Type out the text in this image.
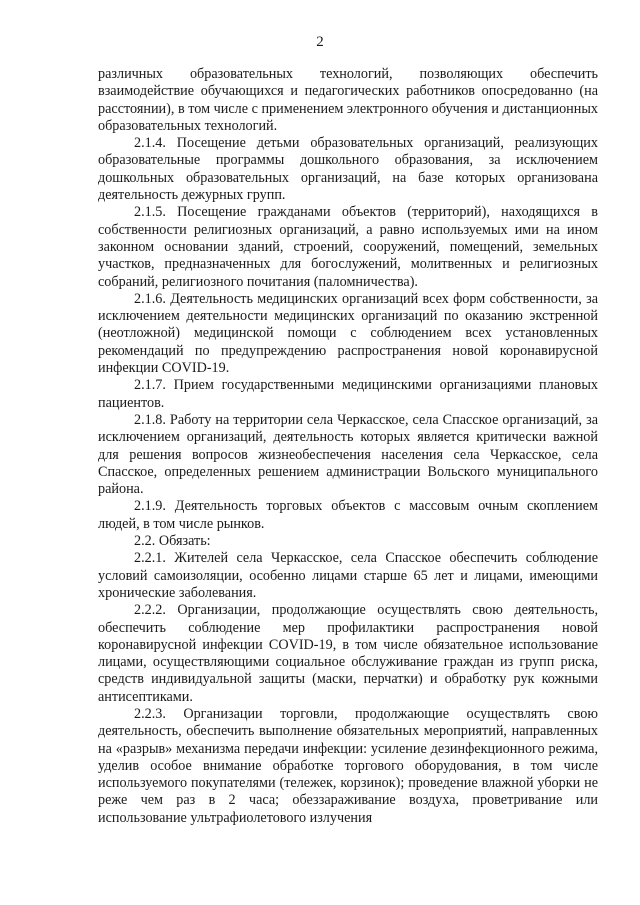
2

различных образовательных технологий, позволяющих обеспечить взаимодействие обучающихся и педагогических работников опосредованно (на расстоянии), в том числе с применением электронного обучения и дистанционных образовательных технологий.

2.1.4. Посещение детьми образовательных организаций, реализующих образовательные программы дошкольного образования, за исключением дошкольных образовательных организаций, на базе которых организована деятельность дежурных групп.

2.1.5. Посещение гражданами объектов (территорий), находящихся в собственности религиозных организаций, а равно используемых ими на ином законном основании зданий, строений, сооружений, помещений, земельных участков, предназначенных для богослужений, молитвенных и религиозных собраний, религиозного почитания (паломничества).

2.1.6. Деятельность медицинских организаций всех форм собственности, за исключением деятельности медицинских организаций по оказанию экстренной (неотложной) медицинской помощи с соблюдением всех установленных рекомендаций по предупреждению распространения новой коронавирусной инфекции COVID-19.

2.1.7. Прием государственными медицинскими организациями плановых пациентов.

2.1.8. Работу на территории села Черкасское, села Спасское организаций, за исключением организаций, деятельность которых является критически важной для решения вопросов жизнеобеспечения населения села Черкасское, села Спасское, определенных решением администрации Вольского муниципального района.

2.1.9. Деятельность торговых объектов с массовым очным скоплением людей, в том числе рынков.

2.2. Обязать:

2.2.1. Жителей села Черкасское, села Спасское обеспечить соблюдение условий самоизоляции, особенно лицами старше 65 лет и лицами, имеющими хронические заболевания.

2.2.2. Организации, продолжающие осуществлять свою деятельность, обеспечить соблюдение мер профилактики распространения новой коронавирусной инфекции COVID-19, в том числе обязательное использование лицами, осуществляющими социальное обслуживание граждан из групп риска, средств индивидуальной защиты (маски, перчатки) и обработку рук кожными антисептиками.

2.2.3. Организации торговли, продолжающие осуществлять свою деятельность, обеспечить выполнение обязательных мероприятий, направленных на «разрыв» механизма передачи инфекции: усиление дезинфекционного режима, уделив особое внимание обработке торгового оборудования, в том числе используемого покупателями (тележек, корзинок); проведение влажной уборки не реже чем раз в 2 часа; обеззараживание воздуха, проветривание или использование ультрафиолетового излучения
